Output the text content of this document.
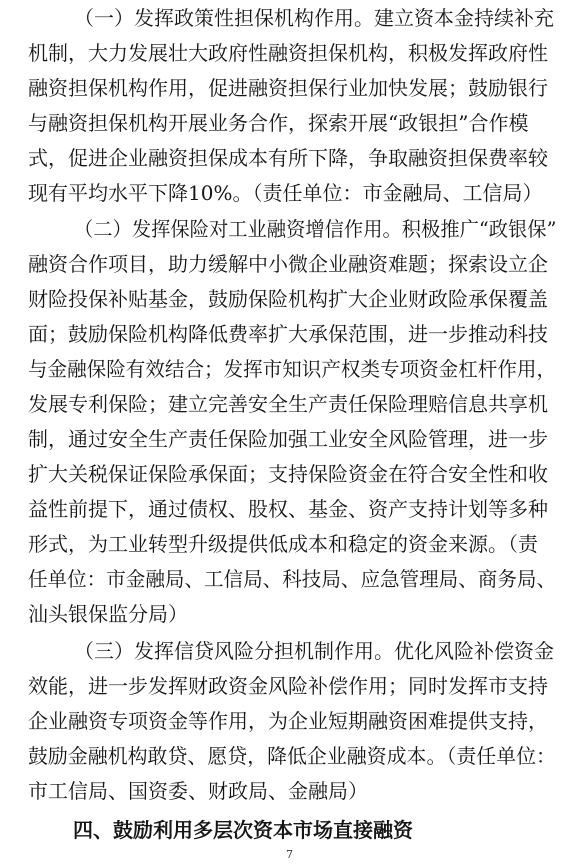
（一）发挥政策性担保机构作用。建立资本金持续补充
机制，大力发展壮大政府性融资担保机构，积极发挥政府性
融资担保机构作用，促进融资担保行业加快发展；鼓励银行
与融资担保机构开展业务合作，探索开展“政银担”合作模
式，促进企业融资担保成本有所下降，争取融资担保费率较
现有平均水平下降10%。（责任单位：市金融局、工信局）
（二）发挥保险对工业融资增信作用。积极推广“政银保”
融资合作项目，助力缓解中小微企业融资难题；探索设立企
财险投保补贴基金，鼓励保险机构扩大企业财政险承保覆盖
面；鼓励保险机构降低费率扩大承保范围，进一步推动科技
与金融保险有效结合；发挥市知识产权类专项资金杠杆作用，
发展专利保险；建立完善安全生产责任保险理赔信息共享机
制，通过安全生产责任保险加强工业安全风险管理，进一步
扩大关税保证保险承保面；支持保险资金在符合安全性和收
益性前提下，通过债权、股权、基金、资产支持计划等多种
形式，为工业转型升级提供低成本和稳定的资金来源。（责
任单位：市金融局、工信局、科技局、应急管理局、商务局、
汕头银保监分局）
（三）发挥信贷风险分担机制作用。优化风险补偿资金
效能，进一步发挥财政资金风险补偿作用；同时发挥市支持
企业融资专项资金等作用，为企业短期融资困难提供支持，
鼓励金融机构敢贷、愿贷，降低企业融资成本。（责任单位：
市工信局、国资委、财政局、金融局）
四、鼓励利用多层次资本市场直接融资
7
